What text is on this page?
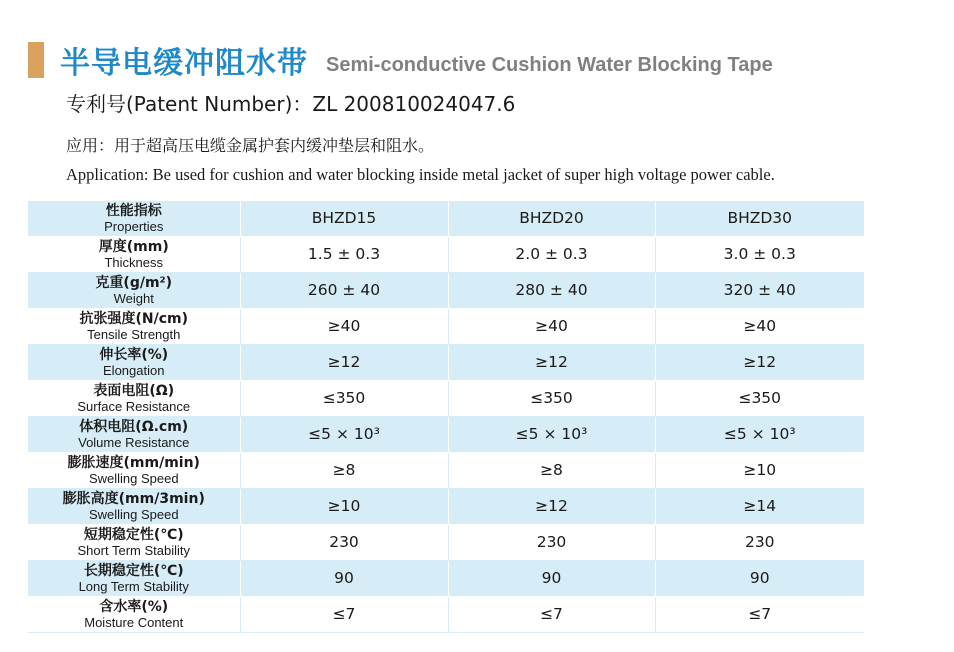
半导电缓冲阻水带 Semi-conductive Cushion Water Blocking Tape
专利号(Patent Number)：ZL 200810024047.6
应用：用于超高压电缆金属护套内缓冲垫层和阻水。
Application: Be used for cushion and water blocking inside metal jacket of super high voltage power cable.
性能指标
Properties	BHZD15	BHZD20	BHZD30

厚度(mm)
Thickness	1.5 ± 0.3	2.0 ± 0.3	3.0 ± 0.3

克重(g/m²)
Weight	260 ± 40	280 ± 40	320 ± 40

抗张强度(N/cm)
Tensile Strength	≥40	≥40	≥40

伸长率(%)
Elongation	≥12	≥12	≥12

表面电阻(Ω)
Surface Resistance	≤350	≤350	≤350

体积电阻(Ω.cm)
Volume Resistance	≤5 × 10³	≤5 × 10³	≤5 × 10³

膨胀速度(mm/min)
Swelling Speed	≥8	≥8	≥10

膨胀高度(mm/3min)
Swelling Speed	≥10	≥12	≥14

短期稳定性(℃)
Short Term Stability	230	230	230

长期稳定性(℃)
Long Term Stability	90	90	90

含水率(%)
Moisture Content	≤7	≤7	≤7
